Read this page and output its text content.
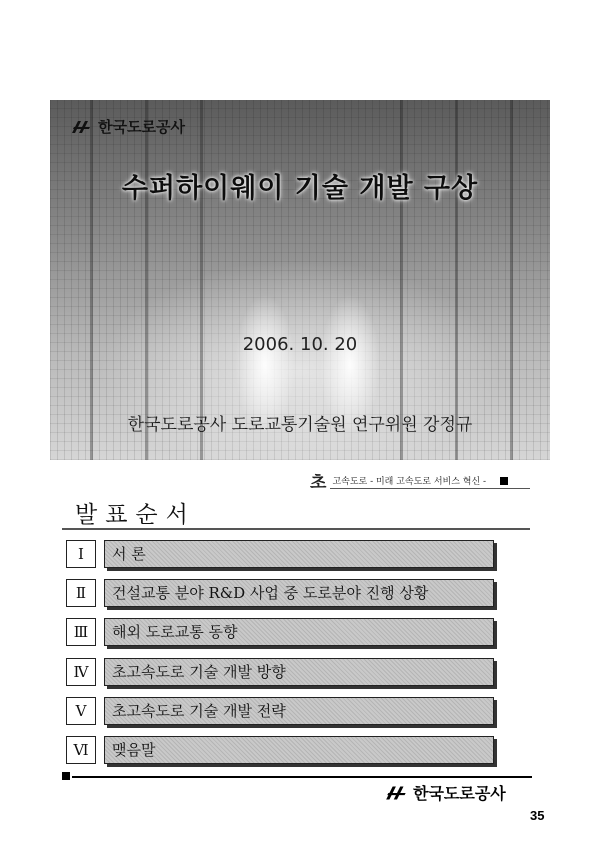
한국도로공사
수퍼하이웨이 기술 개발 구상
2006. 10. 20
한국도로공사 도로교통기술원 연구위원 강정규
초 고속도로 - 미래 고속도로 서비스 혁신 -
발표순서
Ⅰ	서 론
Ⅱ	건설교통 분야 R&D 사업 중 도로분야 진행 상황
Ⅲ	해외 도로교통 동향
Ⅳ	초고속도로 기술 개발 방향
Ⅴ	초고속도로 기술 개발 전략
Ⅵ	맺음말
한국도로공사
35
